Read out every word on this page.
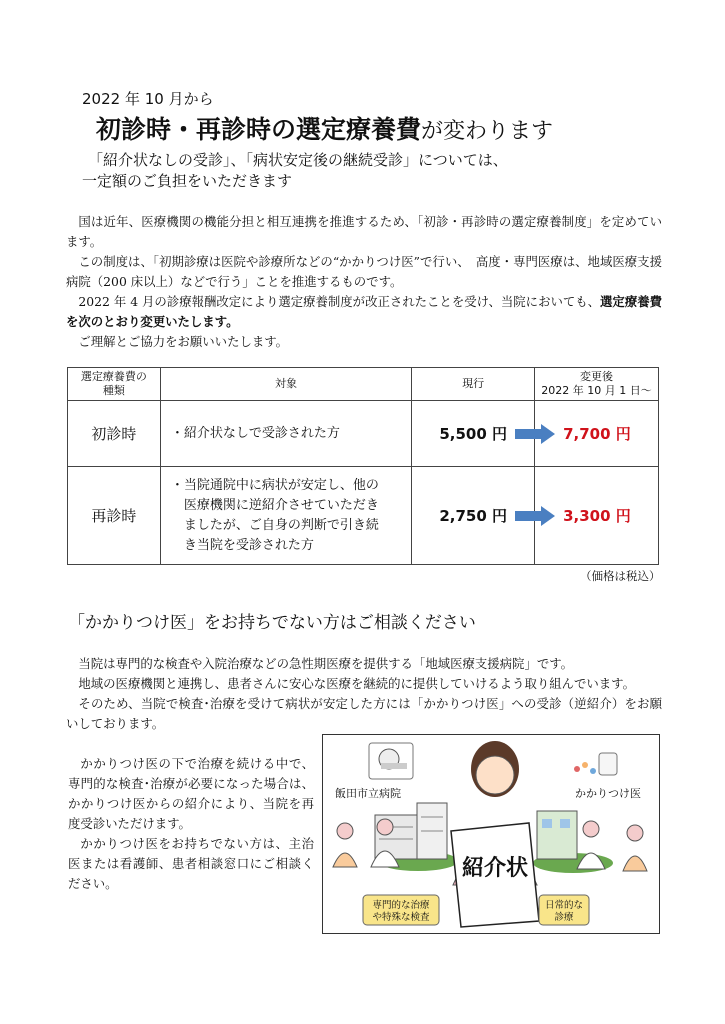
2022 年 10 月から
初診時・再診時の選定療養費が変わります
「紹介状なしの受診」、「病状安定後の継続受診」については、
一定額のご負担をいただきます

国は近年、医療機関の機能分担と相互連携を推進するため、「初診・再診時の選定療養制度」を定めています。

この制度は、「初期診療は医院や診療所などの“かかりつけ医”で行い、　高度・専門医療は、地域医療支援病院（200 床以上）などで行う」ことを推進するものです。

2022 年 4 月の診療報酬改定により選定療養制度が改正されたことを受け、当院においても、選定療養費を次のとおり変更いたします。

ご理解とご協力をお願いいたします。

選定療養費の
種類	対象	現行	変更後
2022 年 10 月 1 日～
初診時	・紹介状なしで受診された方	5,500 円	7,700 円
再診時	・当院通院中に病状が安定し、他の
　医療機関に逆紹介させていただき
　ましたが、ご自身の判断で引き続
　き当院を受診された方	2,750 円	3,300 円
（価格は税込）
「かかりつけ医」をお持ちでない方はご相談ください

当院は専門的な検査や入院治療などの急性期医療を提供する「地域医療支援病院」です。

地域の医療機関と連携し、患者さんに安心な医療を継続的に提供していけるよう取り組んでいます。

そのため、当院で検査･治療を受けて病状が安定した方には「かかりつけ医」への受診（逆紹介）をお願いしております。

かかりつけ医の下で治療を続ける中で、専門的な検査･治療が必要になった場合は、かかりつけ医からの紹介により、当院を再度受診いただけます。

かかりつけ医をお持ちでない方は、主治医または看護師、患者相談窓口にご相談ください。

飯田市立病院	かかりつけ医
紹介状
専門的な治療
や特殊な検査
日常的な
診療
